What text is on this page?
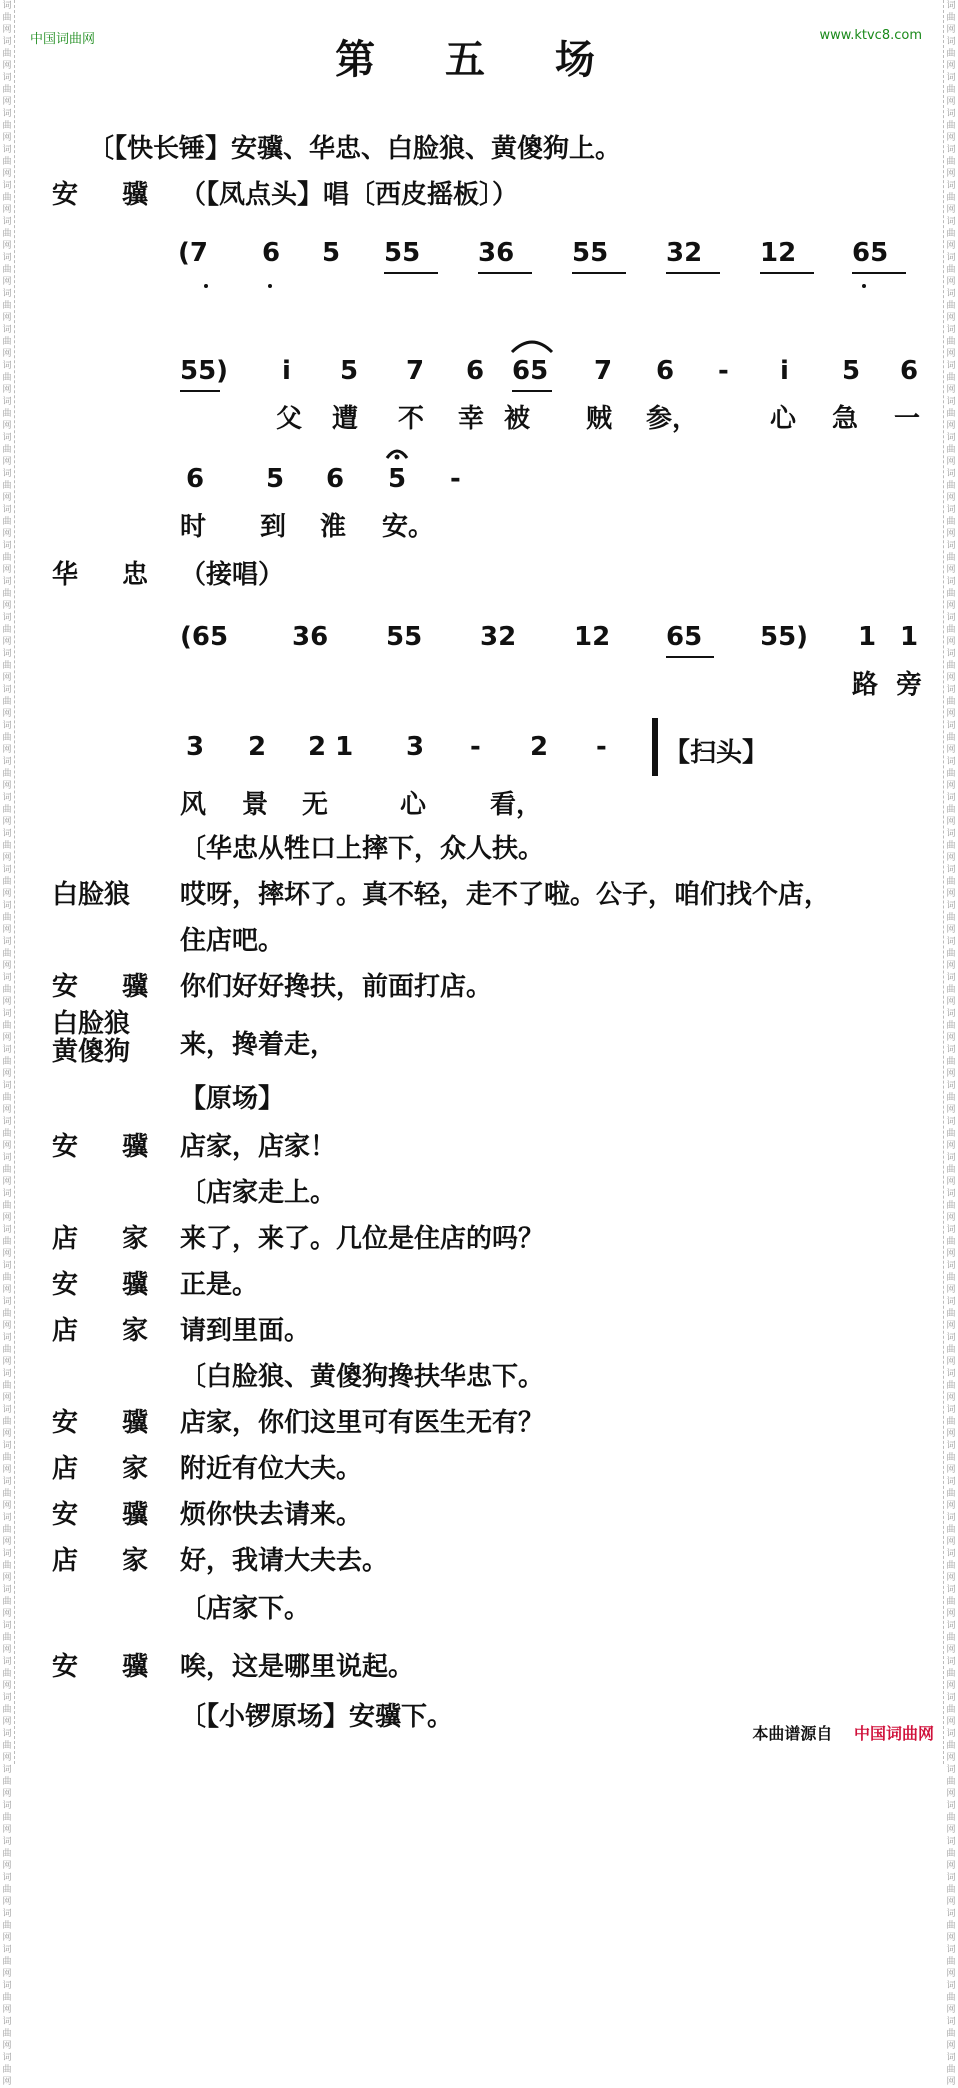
词曲网词曲网词曲网词曲网词曲网词曲网词曲网词曲网词曲网词曲网词曲网词曲网词曲网词曲网词曲网词曲网词曲网词曲网词曲网词曲网词曲网词曲网词曲网词曲网词曲网词曲网词曲网词曲网词曲网词曲网词曲网词曲网词曲网词曲网词曲网词曲网词曲网词曲网词曲网词曲网词曲网词曲网词曲网词曲网词曲网词曲网词曲网词曲网词曲网词曲网词曲网词曲网词曲网词曲网词曲网词曲网词曲网词曲网
词曲网词曲网词曲网词曲网词曲网词曲网词曲网词曲网词曲网词曲网词曲网词曲网词曲网词曲网词曲网词曲网词曲网词曲网词曲网词曲网词曲网词曲网词曲网词曲网词曲网词曲网词曲网词曲网词曲网词曲网词曲网词曲网词曲网词曲网词曲网词曲网词曲网词曲网词曲网词曲网词曲网词曲网词曲网词曲网词曲网词曲网词曲网词曲网词曲网词曲网词曲网词曲网词曲网词曲网词曲网词曲网词曲网词曲网
中国词曲网	www.ktvc8.com
第 五 场
〔【快长锤】安骥、华忠、白脸狼、黄傻狗上。
安 骥 （【凤点头】唱〔西皮摇板〕）
(7 6 5 55 36 55 32 12 65
55) i 5 7 6 65 7 6 - i 5 6
父 遭 不 幸 被 贼 参，	心 急 一
6 5 6 5 -
时 到 淮 安。
华 忠 （接唱）
(65 36 55 32 12 65 55) 1 1
路 旁
3 2 2 1 3 - 2 - 【扫头】
风 景 无	心 看，
〔华忠从牲口上摔下，众人扶。
白脸狼	哎呀，摔坏了。真不轻，走不了啦。公子，咱们找个店，
住店吧。
安 骥 你们好好搀扶，前面打店。
白脸狼
黄傻狗	来，搀着走，
【原场】
安 骥 店家，店家！
〔店家走上。
店 家 来了，来了。几位是住店的吗？
安 骥 正是。
店 家 请到里面。
〔白脸狼、黄傻狗搀扶华忠下。
安 骥 店家，你们这里可有医生无有？
店 家 附近有位大夫。
安 骥 烦你快去请来。
店 家 好，我请大夫去。
〔店家下。
安 骥 唉，这是哪里说起。
〔【小锣原场】安骥下。
本曲谱源自 中国词曲网
